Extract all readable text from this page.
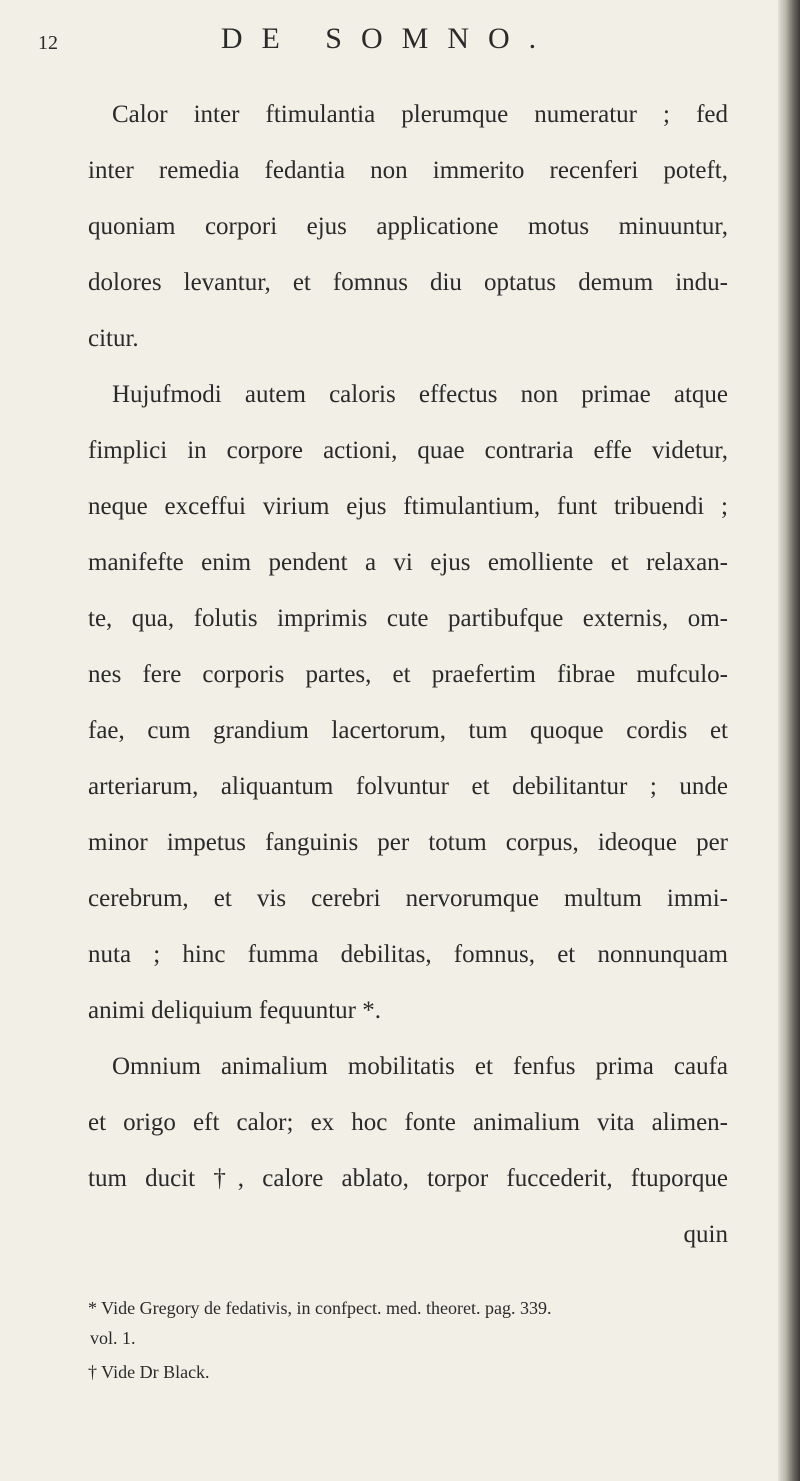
12	DE SOMNO.
Calor inter ftimulantia plerumque numeratur ; fed
inter remedia fedantia non immerito recenferi poteft,
quoniam corpori ejus applicatione motus minuuntur,
dolores levantur, et fomnus diu optatus demum indu-
citur.
Hujufmodi autem caloris effectus non primae atque
fimplici in corpore actioni, quae contraria effe videtur,
neque exceffui virium ejus ftimulantium, funt tribuendi ;
manifefte enim pendent a vi ejus emolliente et relaxan-
te, qua, folutis imprimis cute partibufque externis, om-
nes fere corporis partes, et praefertim fibrae mufculo-
fae, cum grandium lacertorum, tum quoque cordis et
arteriarum, aliquantum folvuntur et debilitantur ; unde
minor impetus fanguinis per totum corpus, ideoque per
cerebrum, et vis cerebri nervorumque multum immi-
nuta ; hinc fumma debilitas, fomnus, et nonnunquam
animi deliquium fequuntur *.
Omnium animalium mobilitatis et fenfus prima caufa
et origo eft calor; ex hoc fonte animalium vita alimen-
tum ducit †, calore ablato, torpor fuccederit, ftuporque
quin
* Vide Gregory de fedativis, in confpect. med. theoret. pag. 339.
vol. 1.
† Vide Dr Black.
